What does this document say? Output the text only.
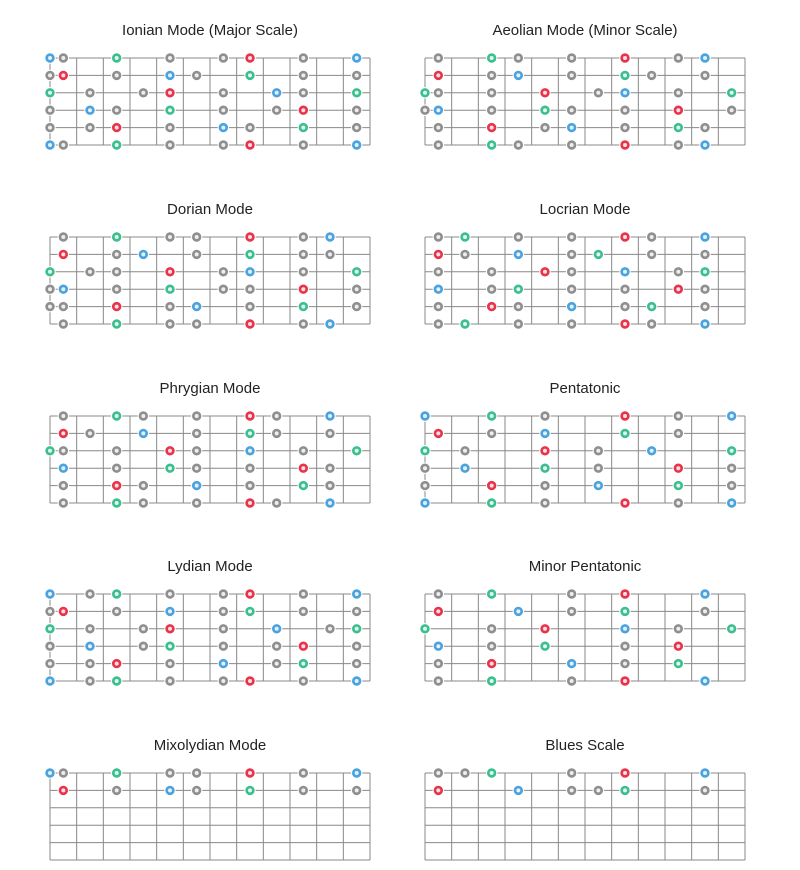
Ionian Mode (Major Scale)	Aeolian Mode (Minor Scale)
Dorian Mode	Locrian Mode
Phrygian Mode	Pentatonic
Lydian Mode	Minor Pentatonic
Mixolydian Mode	Blues Scale
